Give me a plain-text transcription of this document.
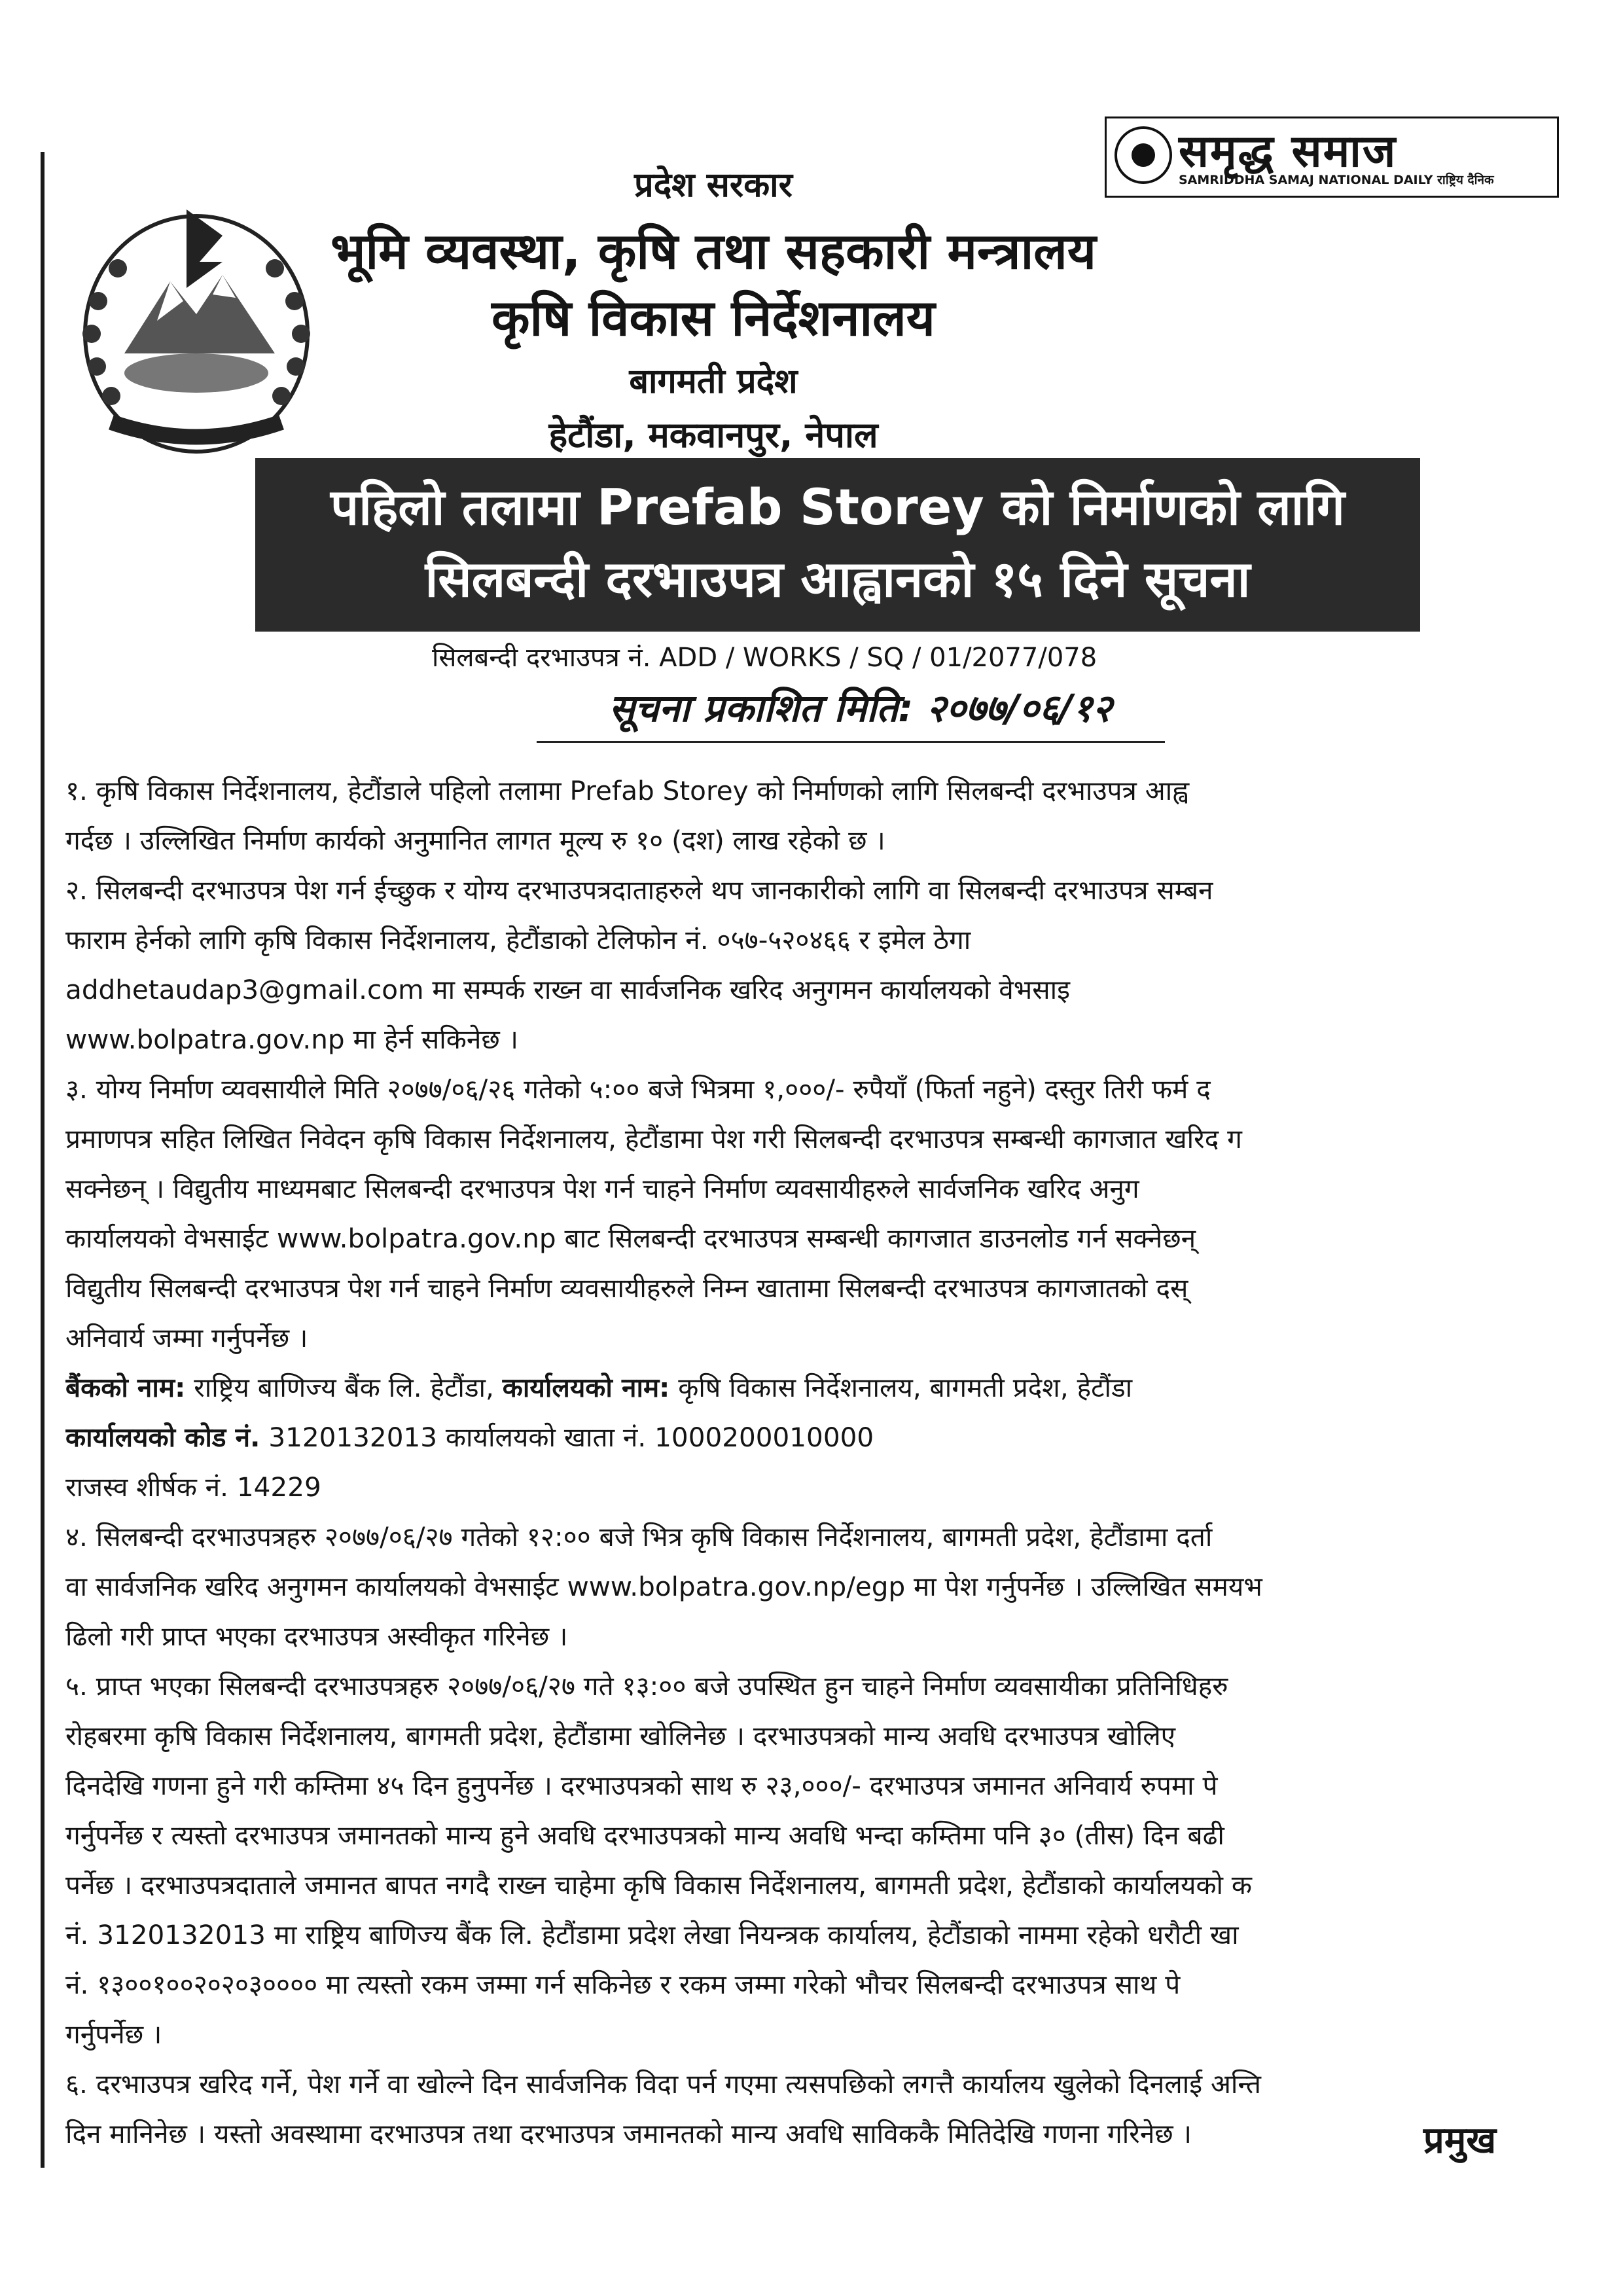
समृद्ध समाज
SAMRIDDHA SAMAJ NATIONAL DAILY राष्ट्रिय दैनिक
प्रदेश सरकार
भूमि व्यवस्था, कृषि तथा सहकारी मन्त्रालय
कृषि विकास निर्देशनालय
बागमती प्रदेश
हेटौंडा, मकवानपुर, नेपाल
पहिलो तलामा Prefab Storey को निर्माणको लागि
सिलबन्दी दरभाउपत्र आह्वानको १५ दिने सूचना
सिलबन्दी दरभाउपत्र नं. ADD / WORKS / SQ / 01/2077/078
सूचना प्रकाशित मिति: २०७७/०६/१२

१. कृषि विकास निर्देशनालय, हेटौंडाले पहिलो तलामा Prefab Storey को निर्माणको लागि सिलबन्दी दरभाउपत्र आह्व

गर्दछ । उल्लिखित निर्माण कार्यको अनुमानित लागत मूल्य रु १० (दश) लाख रहेको छ ।

२. सिलबन्दी दरभाउपत्र पेश गर्न ईच्छुक र योग्य दरभाउपत्रदाताहरुले थप जानकारीको लागि वा सिलबन्दी दरभाउपत्र सम्बन

फाराम हेर्नको लागि कृषि विकास निर्देशनालय, हेटौंडाको टेलिफोन नं. ०५७-५२०४६६ र इमेल ठेगा

addhetaudap3@gmail.com मा सम्पर्क राख्न वा सार्वजनिक खरिद अनुगमन कार्यालयको वेभसाइ

www.bolpatra.gov.np मा हेर्न सकिनेछ ।

३. योग्य निर्माण व्यवसायीले मिति २०७७/०६/२६ गतेको ५:०० बजे भित्रमा १,०००/- रुपैयाँ (फिर्ता नहुने) दस्तुर तिरी फर्म द

प्रमाणपत्र सहित लिखित निवेदन कृषि विकास निर्देशनालय, हेटौंडामा पेश गरी सिलबन्दी दरभाउपत्र सम्बन्धी कागजात खरिद ग

सक्नेछन् । विद्युतीय माध्यमबाट सिलबन्दी दरभाउपत्र पेश गर्न चाहने निर्माण व्यवसायीहरुले सार्वजनिक खरिद अनुग

कार्यालयको वेभसाईट www.bolpatra.gov.np बाट सिलबन्दी दरभाउपत्र सम्बन्धी कागजात डाउनलोड गर्न सक्नेछन्

विद्युतीय सिलबन्दी दरभाउपत्र पेश गर्न चाहने निर्माण व्यवसायीहरुले निम्न खातामा सिलबन्दी दरभाउपत्र कागजातको दस्

अनिवार्य जम्मा गर्नुपर्नेछ ।

बैंकको नाम: राष्ट्रिय बाणिज्य बैंक लि. हेटौंडा, कार्यालयको नाम: कृषि विकास निर्देशनालय, बागमती प्रदेश, हेटौंडा

कार्यालयको कोड नं. 3120132013 कार्यालयको खाता नं. 1000200010000

राजस्व शीर्षक नं. 14229

४. सिलबन्दी दरभाउपत्रहरु २०७७/०६/२७ गतेको १२:०० बजे भित्र कृषि विकास निर्देशनालय, बागमती प्रदेश, हेटौंडामा दर्ता

वा सार्वजनिक खरिद अनुगमन कार्यालयको वेभसाईट www.bolpatra.gov.np/egp मा पेश गर्नुपर्नेछ । उल्लिखित समयभ

ढिलो गरी प्राप्त भएका दरभाउपत्र अस्वीकृत गरिनेछ ।

५. प्राप्त भएका सिलबन्दी दरभाउपत्रहरु २०७७/०६/२७ गते १३:०० बजे उपस्थित हुन चाहने निर्माण व्यवसायीका प्रतिनिधिहरु

रोहबरमा कृषि विकास निर्देशनालय, बागमती प्रदेश, हेटौंडामा खोलिनेछ । दरभाउपत्रको मान्य अवधि दरभाउपत्र खोलिए

दिनदेखि गणना हुने गरी कम्तिमा ४५ दिन हुनुपर्नेछ । दरभाउपत्रको साथ रु २३,०००/- दरभाउपत्र जमानत अनिवार्य रुपमा पे

गर्नुपर्नेछ र त्यस्तो दरभाउपत्र जमानतको मान्य हुने अवधि दरभाउपत्रको मान्य अवधि भन्दा कम्तिमा पनि ३० (तीस) दिन बढी

पर्नेछ । दरभाउपत्रदाताले जमानत बापत नगदै राख्न चाहेमा कृषि विकास निर्देशनालय, बागमती प्रदेश, हेटौंडाको कार्यालयको क

नं. 3120132013 मा राष्ट्रिय बाणिज्य बैंक लि. हेटौंडामा प्रदेश लेखा नियन्त्रक कार्यालय, हेटौंडाको नाममा रहेको धरौटी खा

नं. १३००१००२०२०३०००० मा त्यस्तो रकम जम्मा गर्न सकिनेछ र रकम जम्मा गरेको भौचर सिलबन्दी दरभाउपत्र साथ पे

गर्नुपर्नेछ ।

६. दरभाउपत्र खरिद गर्ने, पेश गर्ने वा खोल्ने दिन सार्वजनिक विदा पर्न गएमा त्यसपछिको लगत्तै कार्यालय खुलेको दिनलाई अन्ति

दिन मानिनेछ । यस्तो अवस्थामा दरभाउपत्र तथा दरभाउपत्र जमानतको मान्य अवधि साविककै मितिदेखि गणना गरिनेछ ।	प्रमुख
